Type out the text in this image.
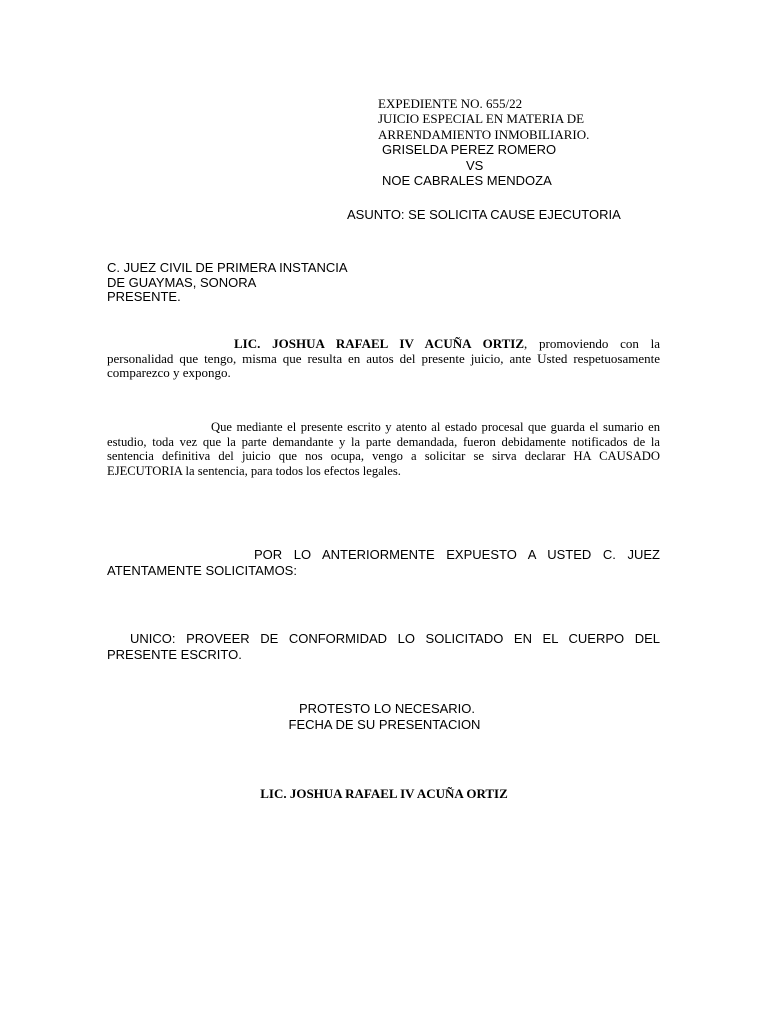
EXPEDIENTE NO. 655/22
JUICIO ESPECIAL EN MATERIA DE
ARRENDAMIENTO INMOBILIARIO.
GRISELDA PEREZ ROMERO
VS
NOE CABRALES MENDOZA
ASUNTO: SE SOLICITA CAUSE EJECUTORIA
C. JUEZ CIVIL DE PRIMERA INSTANCIA
DE GUAYMAS, SONORA
PRESENTE.

LIC. JOSHUA RAFAEL IV ACUÑA ORTIZ, promoviendo con la personalidad que tengo, misma que resulta en autos del presente juicio, ante Usted respetuosamente comparezco y expongo.

Que mediante el presente escrito y atento al estado procesal que guarda el sumario en estudio, toda vez que la parte demandante y la parte demandada, fueron debidamente notificados de la sentencia definitiva del juicio que nos ocupa, vengo a solicitar se sirva declarar HA CAUSADO EJECUTORIA la sentencia, para todos los efectos legales.

POR LO ANTERIORMENTE EXPUESTO A USTED C. JUEZ ATENTAMENTE SOLICITAMOS:

UNICO: PROVEER DE CONFORMIDAD LO SOLICITADO EN EL CUERPO DEL PRESENTE ESCRITO.

PROTESTO LO NECESARIO.
FECHA DE SU PRESENTACION
LIC. JOSHUA RAFAEL IV ACUÑA ORTIZ
